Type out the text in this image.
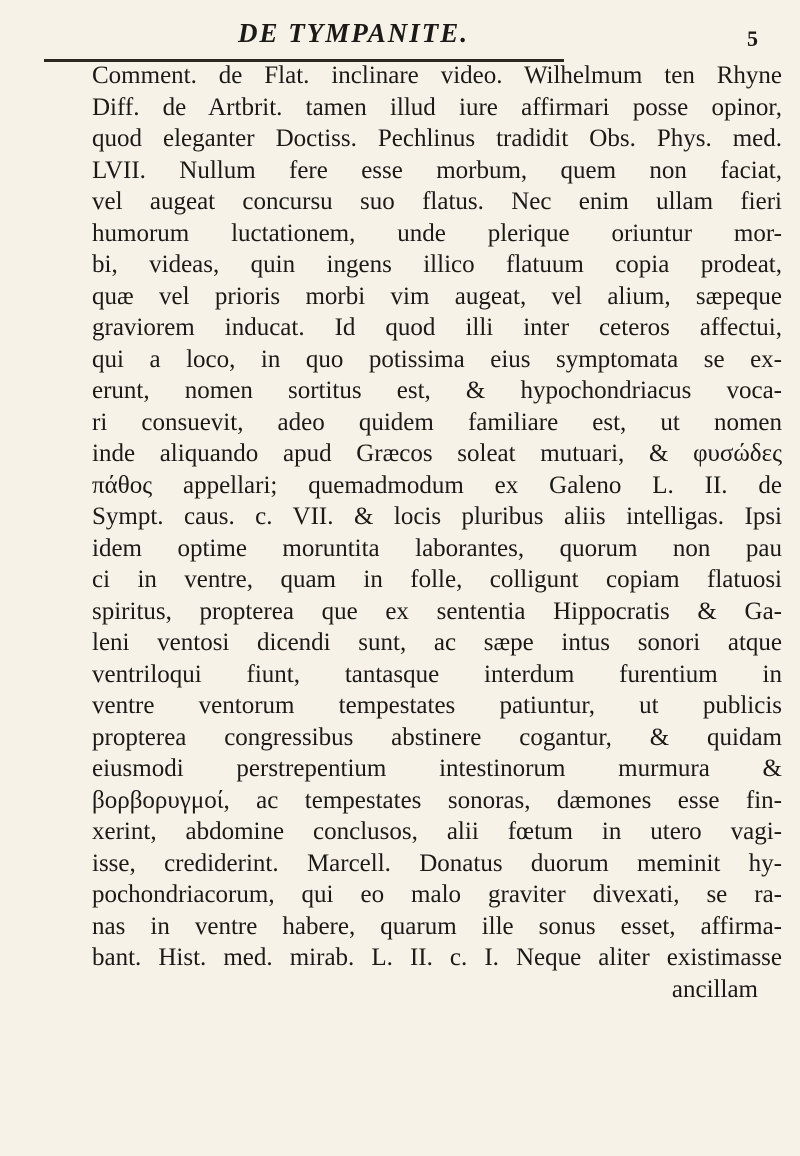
DE TYMPANITE.	5
Comment. de Flat. inclinare video. Wilhelmum ten Rhyne
Diff. de Artbrit. tamen illud iure affirmari posse opinor,
quod eleganter Doctiss. Pechlinus tradidit Obs. Phys. med.
LVII. Nullum fere esse morbum, quem non faciat,
vel augeat concursu suo flatus. Nec enim ullam fieri
humorum luctationem, unde plerique oriuntur mor-
bi, videas, quin ingens illico flatuum copia prodeat,
quæ vel prioris morbi vim augeat, vel alium, sæpeque
graviorem inducat. Id quod illi inter ceteros affectui,
qui a loco, in quo potissima eius symptomata se ex-
erunt, nomen sortitus est, & hypochondriacus voca-
ri consuevit, adeo quidem familiare est, ut nomen
inde aliquando apud Græcos soleat mutuari, & φυσώδες
πάθος appellari; quemadmodum ex Galeno L. II. de
Sympt. caus. c. VII. & locis pluribus aliis intelligas. Ipsi
idem optime moruntita laborantes, quorum non pau
ci in ventre, quam in folle, colligunt copiam flatuosi
spiritus, propterea que ex sententia Hippocratis & Ga-
leni ventosi dicendi sunt, ac sæpe intus sonori atque
ventriloqui fiunt, tantasque interdum furentium in
ventre ventorum tempestates patiuntur, ut publicis
propterea congressibus abstinere cogantur, & quidam
eiusmodi perstrepentium intestinorum murmura &
βορβορυγμοί, ac tempestates sonoras, dæmones esse fin-
xerint, abdomine conclusos, alii fœtum in utero vagi-
isse, crediderint. Marcell. Donatus duorum meminit hy-
pochondriacorum, qui eo malo graviter divexati, se ra-
nas in ventre habere, quarum ille sonus esset, affirma-
bant. Hist. med. mirab. L. II. c. I. Neque aliter existimasse
ancillam
